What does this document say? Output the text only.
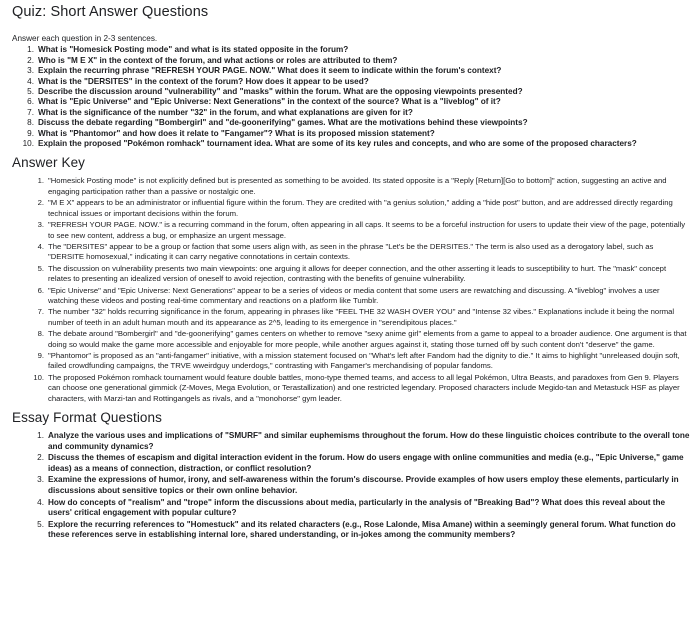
Quiz: Short Answer Questions
Answer each question in 2-3 sentences.
1. What is "Homesick Posting mode" and what is its stated opposite in the forum?
2. Who is "M E X" in the context of the forum, and what actions or roles are attributed to them?
3. Explain the recurring phrase "REFRESH YOUR PAGE. NOW." What does it seem to indicate within the forum's context?
4. What is the "DERSITES" in the context of the forum? How does it appear to be used?
5. Describe the discussion around "vulnerability" and "masks" within the forum. What are the opposing viewpoints presented?
6. What is "Epic Universe" and "Epic Universe: Next Generations" in the context of the source? What is a "liveblog" of it?
7. What is the significance of the number "32" in the forum, and what explanations are given for it?
8. Discuss the debate regarding "Bombergirl" and "de-goonerifying" games. What are the motivations behind these viewpoints?
9. What is "Phantomor" and how does it relate to "Fangamer"? What is its proposed mission statement?
10. Explain the proposed "Pokémon romhack" tournament idea. What are some of its key rules and concepts, and who are some of the proposed characters?
Answer Key
1. "Homesick Posting mode" is not explicitly defined but is presented as something to be avoided. Its stated opposite is a "Reply [Return][Go to bottom]" action, suggesting an active and engaging participation rather than a passive or nostalgic one.
2. "M E X" appears to be an administrator or influential figure within the forum. They are credited with "a genius solution," adding a "hide post" button, and are addressed directly regarding technical issues or important decisions within the forum.
3. "REFRESH YOUR PAGE. NOW." is a recurring command in the forum, often appearing in all caps. It seems to be a forceful instruction for users to update their view of the page, potentially to see new content, address a bug, or emphasize an urgent message.
4. The "DERSITES" appear to be a group or faction that some users align with, as seen in the phrase "Let's be the DERSITES." The term is also used as a derogatory label, such as "DERSITE homosexual," indicating it can carry negative connotations in certain contexts.
5. The discussion on vulnerability presents two main viewpoints: one arguing it allows for deeper connection, and the other asserting it leads to susceptibility to hurt. The "mask" concept relates to presenting an idealized version of oneself to avoid rejection, contrasting with the benefits of genuine vulnerability.
6. "Epic Universe" and "Epic Universe: Next Generations" appear to be a series of videos or media content that some users are rewatching and discussing. A "liveblog" involves a user watching these videos and posting real-time commentary and reactions on a platform like Tumblr.
7. The number "32" holds recurring significance in the forum, appearing in phrases like "FEEL THE 32 WASH OVER YOU" and "Intense 32 vibes." Explanations include it being the normal number of teeth in an adult human mouth and its appearance as 2^5, leading to its emergence in "serendipitous places."
8. The debate around "Bombergirl" and "de-goonerifying" games centers on whether to remove "sexy anime girl" elements from a game to appeal to a broader audience. One argument is that doing so would make the game more accessible and enjoyable for more people, while another argues against it, stating those turned off by such content don't "deserve" the game.
9. "Phantomor" is proposed as an "anti-fangamer" initiative, with a mission statement focused on "What's left after Fandom had the dignity to die." It aims to highlight "unreleased doujin soft, failed crowdfunding campaigns, the TRVE wweirdguy underdogs," contrasting with Fangamer's merchandising of popular fandoms.
10. The proposed Pokémon romhack tournament would feature double battles, mono-type themed teams, and access to all legal Pokémon, Ultra Beasts, and paradoxes from Gen 9. Players can choose one generational gimmick (Z-Moves, Mega Evolution, or Terastallization) and one restricted legendary. Proposed characters include Megido-tan and Metastuck HSF as player characters, with Marzi-tan and Rottingangels as rivals, and a "monohorse" gym leader.
Essay Format Questions
1. Analyze the various uses and implications of "SMURF" and similar euphemisms throughout the forum. How do these linguistic choices contribute to the overall tone and community dynamics?
2. Discuss the themes of escapism and digital interaction evident in the forum. How do users engage with online communities and media (e.g., "Epic Universe," game ideas) as a means of connection, distraction, or conflict resolution?
3. Examine the expressions of humor, irony, and self-awareness within the forum's discourse. Provide examples of how users employ these elements, particularly in discussions about sensitive topics or their own online behavior.
4. How do concepts of "realism" and "trope" inform the discussions about media, particularly in the analysis of "Breaking Bad"? What does this reveal about the users' critical engagement with popular culture?
5. Explore the recurring references to "Homestuck" and its related characters (e.g., Rose Lalonde, Misa Amane) within a seemingly general forum. What function do these references serve in establishing internal lore, shared understanding, or in-jokes among the community members?
